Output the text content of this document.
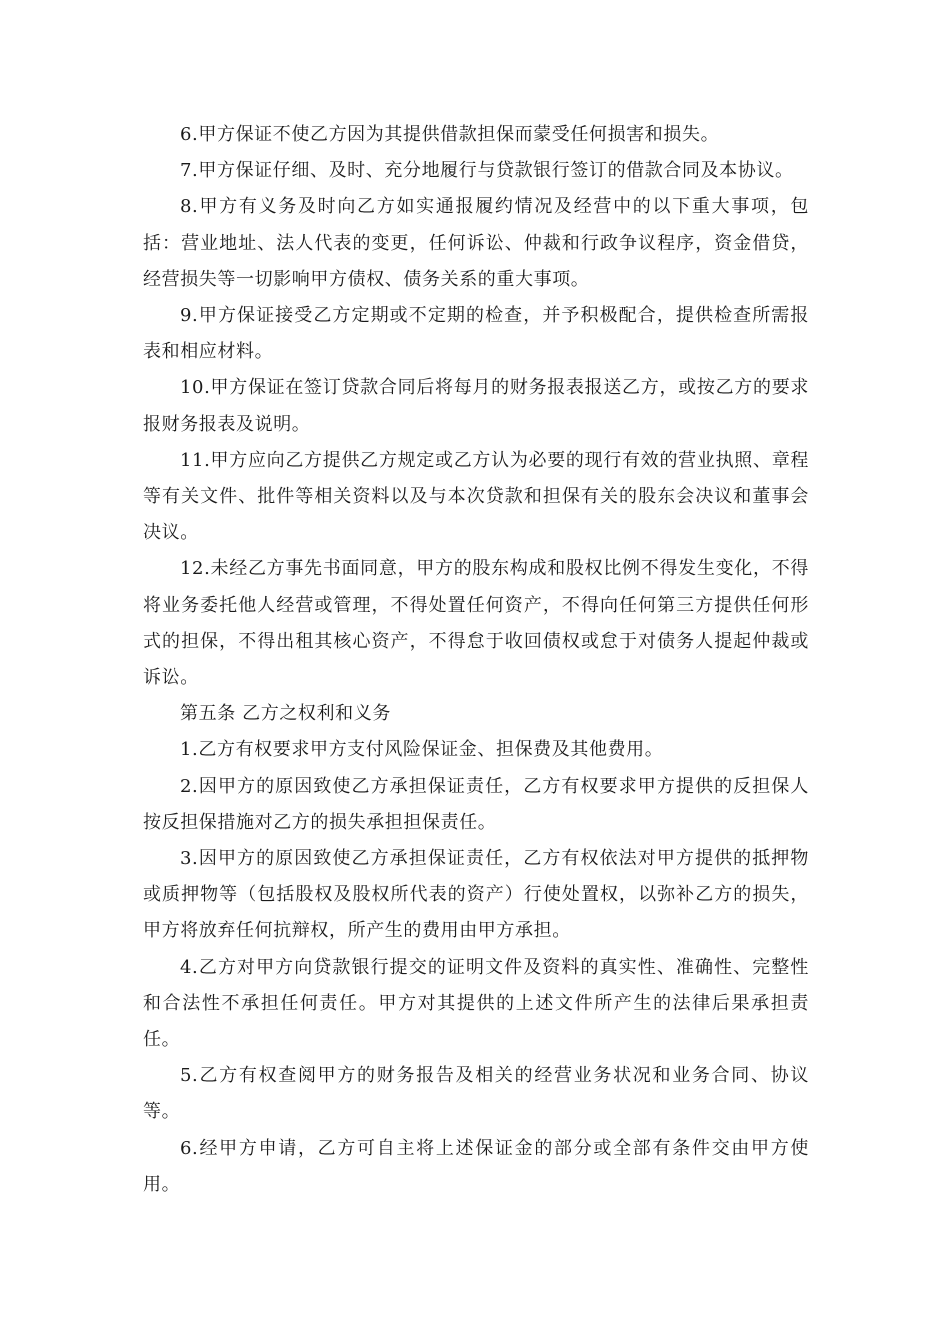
6.甲方保证不使乙方因为其提供借款担保而蒙受任何损害和损失。

7.甲方保证仔细、及时、充分地履行与贷款银行签订的借款合同及本协议。

8.甲方有义务及时向乙方如实通报履约情况及经营中的以下重大事项，包括：营业地址、法人代表的变更，任何诉讼、仲裁和行政争议程序，资金借贷，经营损失等一切影响甲方债权、债务关系的重大事项。

9.甲方保证接受乙方定期或不定期的检查，并予积极配合，提供检查所需报表和相应材料。

10.甲方保证在签订贷款合同后将每月的财务报表报送乙方，或按乙方的要求报财务报表及说明。

11.甲方应向乙方提供乙方规定或乙方认为必要的现行有效的营业执照、章程等有关文件、批件等相关资料以及与本次贷款和担保有关的股东会决议和董事会决议。

12.未经乙方事先书面同意，甲方的股东构成和股权比例不得发生变化，不得将业务委托他人经营或管理，不得处置任何资产，不得向任何第三方提供任何形式的担保，不得出租其核心资产，不得怠于收回债权或怠于对债务人提起仲裁或诉讼。

第五条 乙方之权利和义务

1.乙方有权要求甲方支付风险保证金、担保费及其他费用。

2.因甲方的原因致使乙方承担保证责任，乙方有权要求甲方提供的反担保人按反担保措施对乙方的损失承担担保责任。

3.因甲方的原因致使乙方承担保证责任，乙方有权依法对甲方提供的抵押物或质押物等（包括股权及股权所代表的资产）行使处置权，以弥补乙方的损失，甲方将放弃任何抗辩权，所产生的费用由甲方承担。

4.乙方对甲方向贷款银行提交的证明文件及资料的真实性、准确性、完整性和合法性不承担任何责任。甲方对其提供的上述文件所产生的法律后果承担责任。

5.乙方有权查阅甲方的财务报告及相关的经营业务状况和业务合同、协议等。

6.经甲方申请，乙方可自主将上述保证金的部分或全部有条件交由甲方使用。
